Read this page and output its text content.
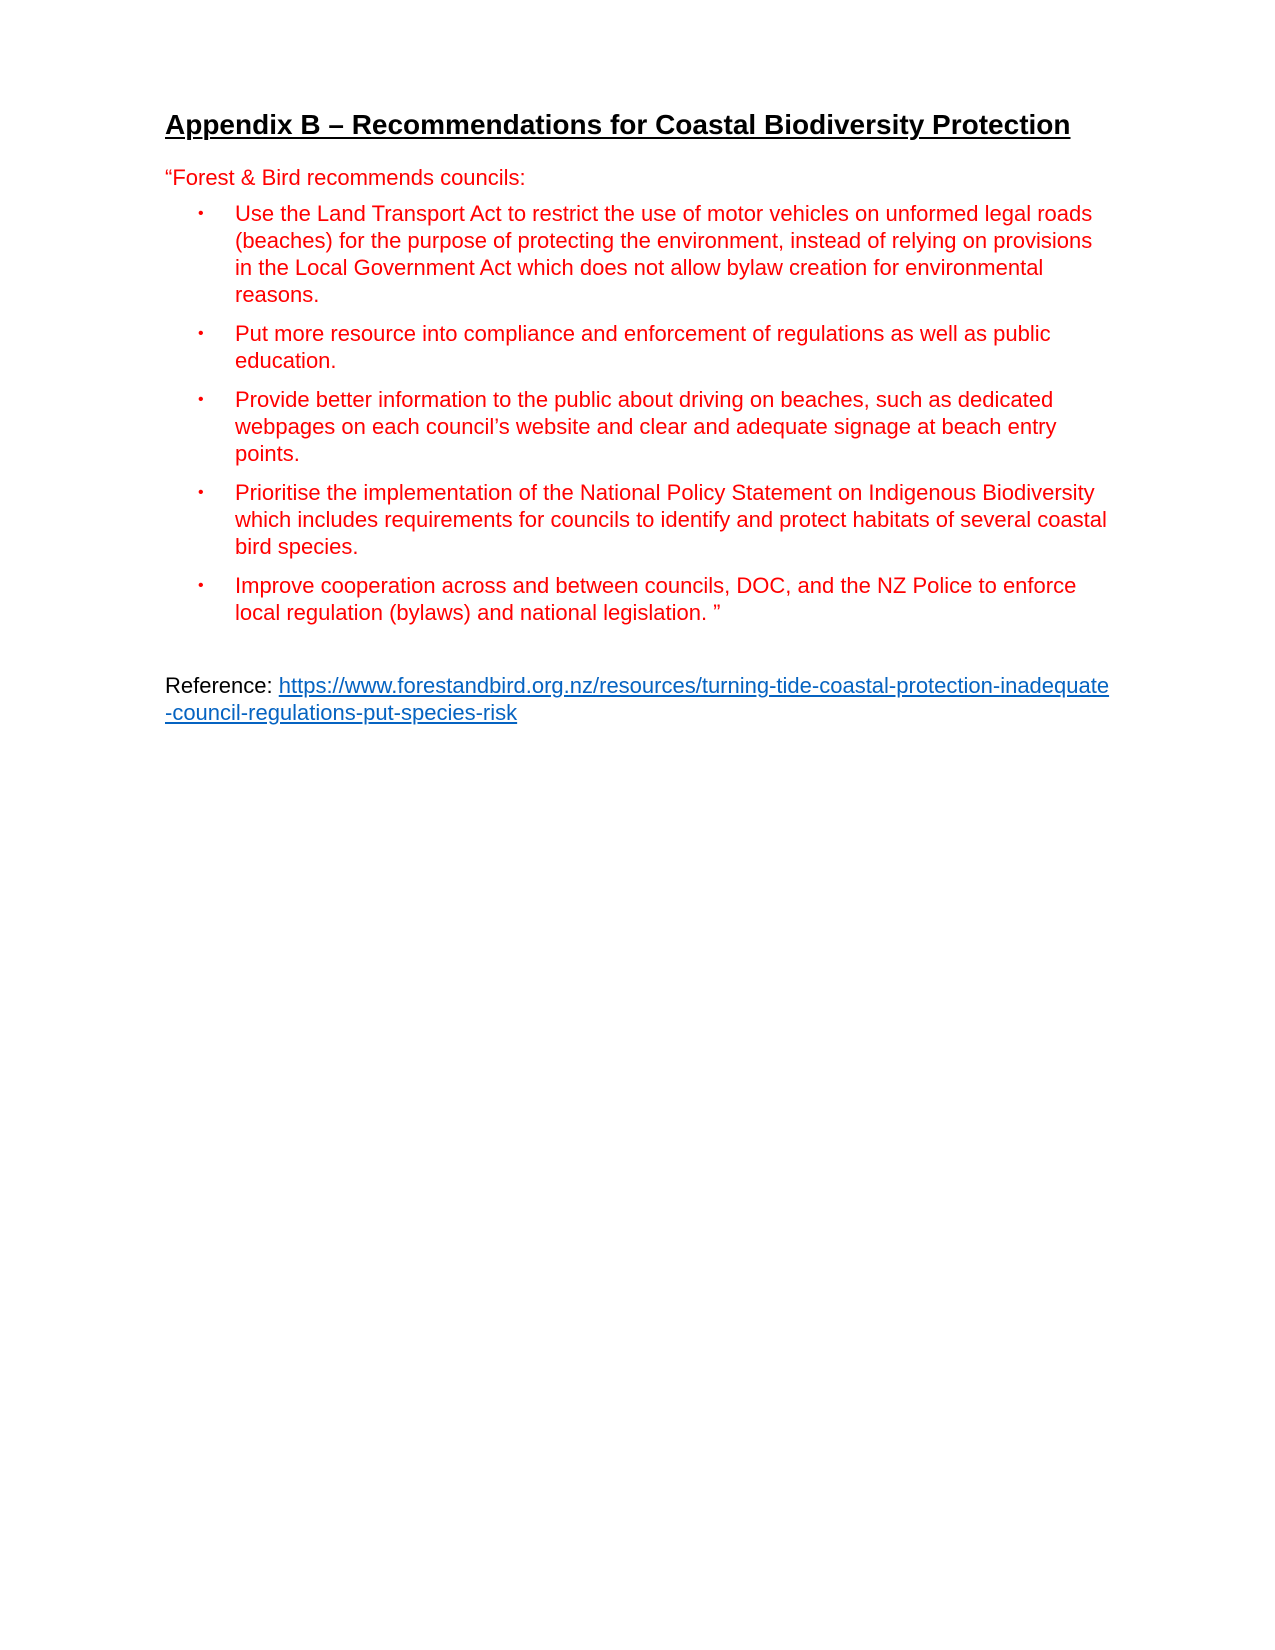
Appendix B – Recommendations for Coastal Biodiversity Protection

“Forest & Bird recommends councils:

• Use the Land Transport Act to restrict the use of motor vehicles on unformed legal roads (beaches) for the purpose of protecting the environment, instead of relying on provisions in the Local Government Act which does not allow bylaw creation for environmental reasons.
• Put more resource into compliance and enforcement of regulations as well as public education.
• Provide better information to the public about driving on beaches, such as dedicated webpages on each council’s website and clear and adequate signage at beach entry points.
• Prioritise the implementation of the National Policy Statement on Indigenous Biodiversity which includes requirements for councils to identify and protect habitats of several coastal bird species.
• Improve cooperation across and between councils, DOC, and the NZ Police to enforce local regulation (bylaws) and national legislation. ”

Reference: https://www.forestandbird.org.nz/resources/turning-tide-coastal-protection-inadequate-council-regulations-put-species-risk
